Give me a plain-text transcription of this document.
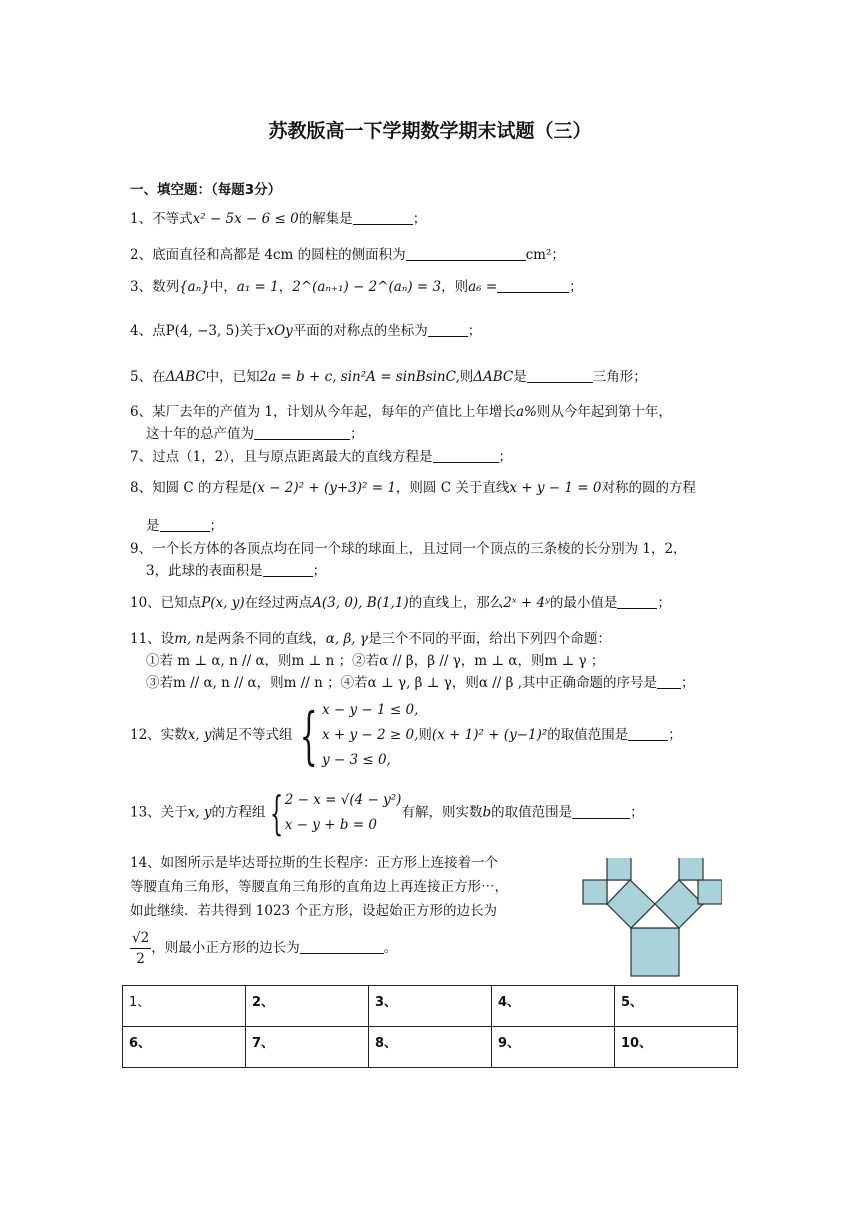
苏教版高一下学期数学期末试题（三）
一、填空题：（每题3分）
1、不等式x² − 5x − 6 ≤ 0的解集是	；
2、底面直径和高都是 4cm 的圆柱的侧面积为	cm²；
3、数列{aₙ}中，a₁ = 1，2^(aₙ₊₁) − 2^(aₙ) = 3，则a₆ =	；
4、点P(4, −3, 5)关于xOy平面的对称点的坐标为	；
5、在ΔABC中，已知2a = b + c, sin²A = sinBsinC,则ΔABC是	三角形；
6、某厂去年的产值为 1，计划从今年起，每年的产值比上年增长a%则从今年起到第十年，
这十年的总产值为	；
7、过点（1，2），且与原点距离最大的直线方程是	；
8、知圆 C 的方程是(x − 2)² + (y+3)² = 1，则圆 C 关于直线x + y − 1 = 0对称的圆的方程
是	；
9、一个长方体的各顶点均在同一个球的球面上，且过同一个顶点的三条棱的长分别为 1，2，
3，此球的表面积是	；
10、已知点P(x, y)在经过两点A(3, 0), B(1,1)的直线上，那么2ˣ + 4ʸ的最小值是	；
11、设m, n是两条不同的直线，α, β, γ是三个不同的平面，给出下列四个命题：
①若 m ⊥ α, n // α，则m ⊥ n ；②若α // β，β // γ，m ⊥ α，则m ⊥ γ ；
③若m // α, n // α，则m // n ；④若α ⊥ γ, β ⊥ γ，则α // β ,其中正确命题的序号是 ；
12、实数x, y满足不等式组 { x − y − 1 ≤ 0,
x + y − 2 ≥ 0,
y − 3 ≤ 0,
则(x + 1)² + (y−1)²的取值范围是	；
13、关于x, y的方程组{ 2 − x = √(4 − y²)
x − y + b = 0
有解，则实数b的取值范围是	；
14、如图所示是毕达哥拉斯的生长程序：正方形上连接着一个
等腰直角三角形，等腰直角三角形的直角边上再连接正方形⋯，
如此继续．若共得到 1023 个正方形，设起始正方形的边长为
$\frac{√2}{2}$ ，则最小正方形的边长为	。
1、	2、	3、	4、	5、
6、	7、	8、	9、	10、
